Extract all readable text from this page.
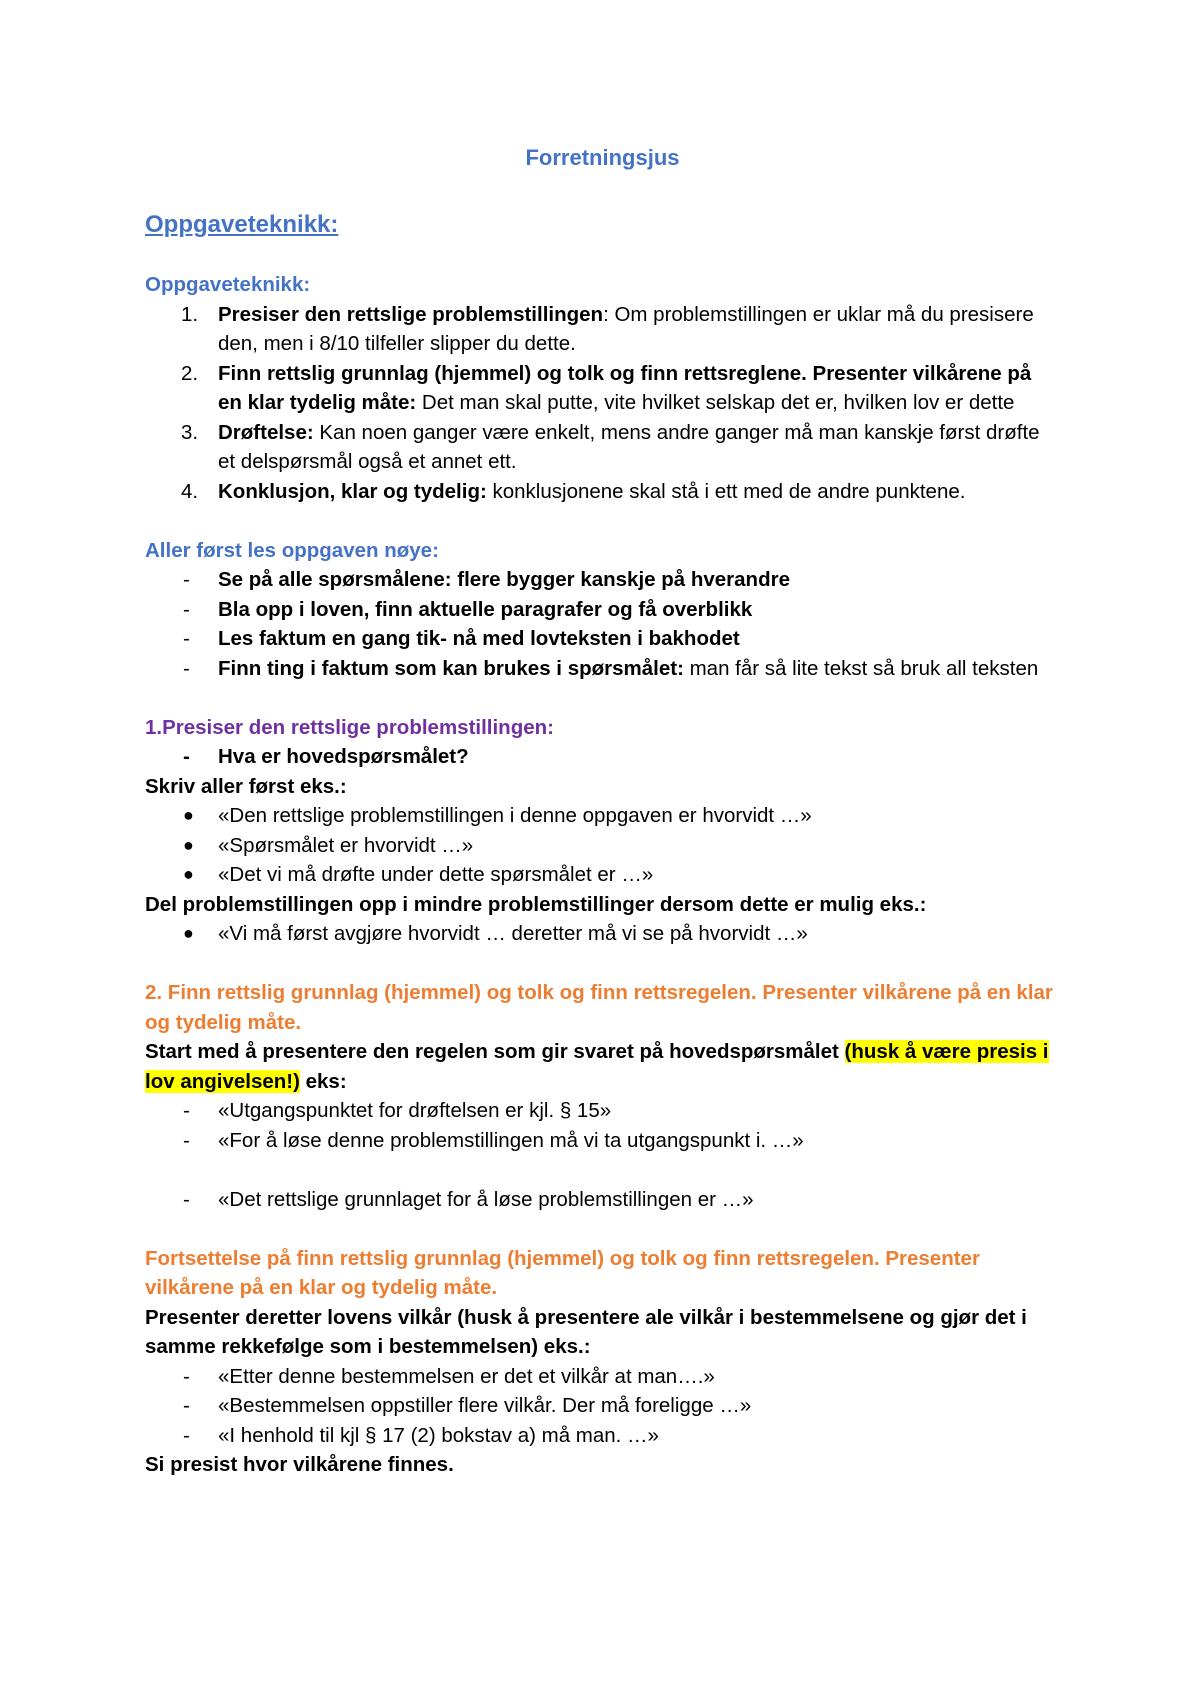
Forretningsjus

Oppgaveteknikk:

Oppgaveteknikk:

1. Presiser den rettslige problemstillingen: Om problemstillingen er uklar må du presisere den, men i 8/10 tilfeller slipper du dette.
2. Finn rettslig grunnlag (hjemmel) og tolk og finn rettsreglene. Presenter vilkårene på en klar tydelig måte: Det man skal putte, vite hvilket selskap det er, hvilken lov er dette
3. Drøftelse: Kan noen ganger være enkelt, mens andre ganger må man kanskje først drøfte et delspørsmål også et annet ett.
4. Konklusjon, klar og tydelig: konklusjonene skal stå i ett med de andre punktene.

Aller først les oppgaven nøye:

-	Se på alle spørsmålene: flere bygger kanskje på hverandre
-	Bla opp i loven, finn aktuelle paragrafer og få overblikk
-	Les faktum en gang tik- nå med lovteksten i bakhodet
-	Finn ting i faktum som kan brukes i spørsmålet: man får så lite tekst så bruk all teksten

1.Presiser den rettslige problemstillingen:

-	Hva er hovedspørsmålet?

Skriv aller først eks.:

●	«Den rettslige problemstillingen i denne oppgaven er hvorvidt …»
●	«Spørsmålet er hvorvidt …»
●	«Det vi må drøfte under dette spørsmålet er …»

Del problemstillingen opp i mindre problemstillinger dersom dette er mulig eks.:

●	«Vi må først avgjøre hvorvidt … deretter må vi se på hvorvidt …»

2. Finn rettslig grunnlag (hjemmel) og tolk og finn rettsregelen. Presenter vilkårene på en klar og tydelig måte.

Start med å presentere den regelen som gir svaret på hovedspørsmålet (husk å være presis i lov angivelsen!) eks:

-	«Utgangspunktet for drøftelsen er kjl. § 15»
-	«For å løse denne problemstillingen må vi ta utgangspunkt i. …»
-	«Det rettslige grunnlaget for å løse problemstillingen er …»

Fortsettelse på finn rettslig grunnlag (hjemmel) og tolk og finn rettsregelen. Presenter vilkårene på en klar og tydelig måte.

Presenter deretter lovens vilkår (husk å presentere ale vilkår i bestemmelsene og gjør det i samme rekkefølge som i bestemmelsen) eks.:

-	«Etter denne bestemmelsen er det et vilkår at man….»
-	«Bestemmelsen oppstiller flere vilkår. Der må foreligge …»
-	«I henhold til kjl § 17 (2) bokstav a) må man. …»

Si presist hvor vilkårene finnes.
